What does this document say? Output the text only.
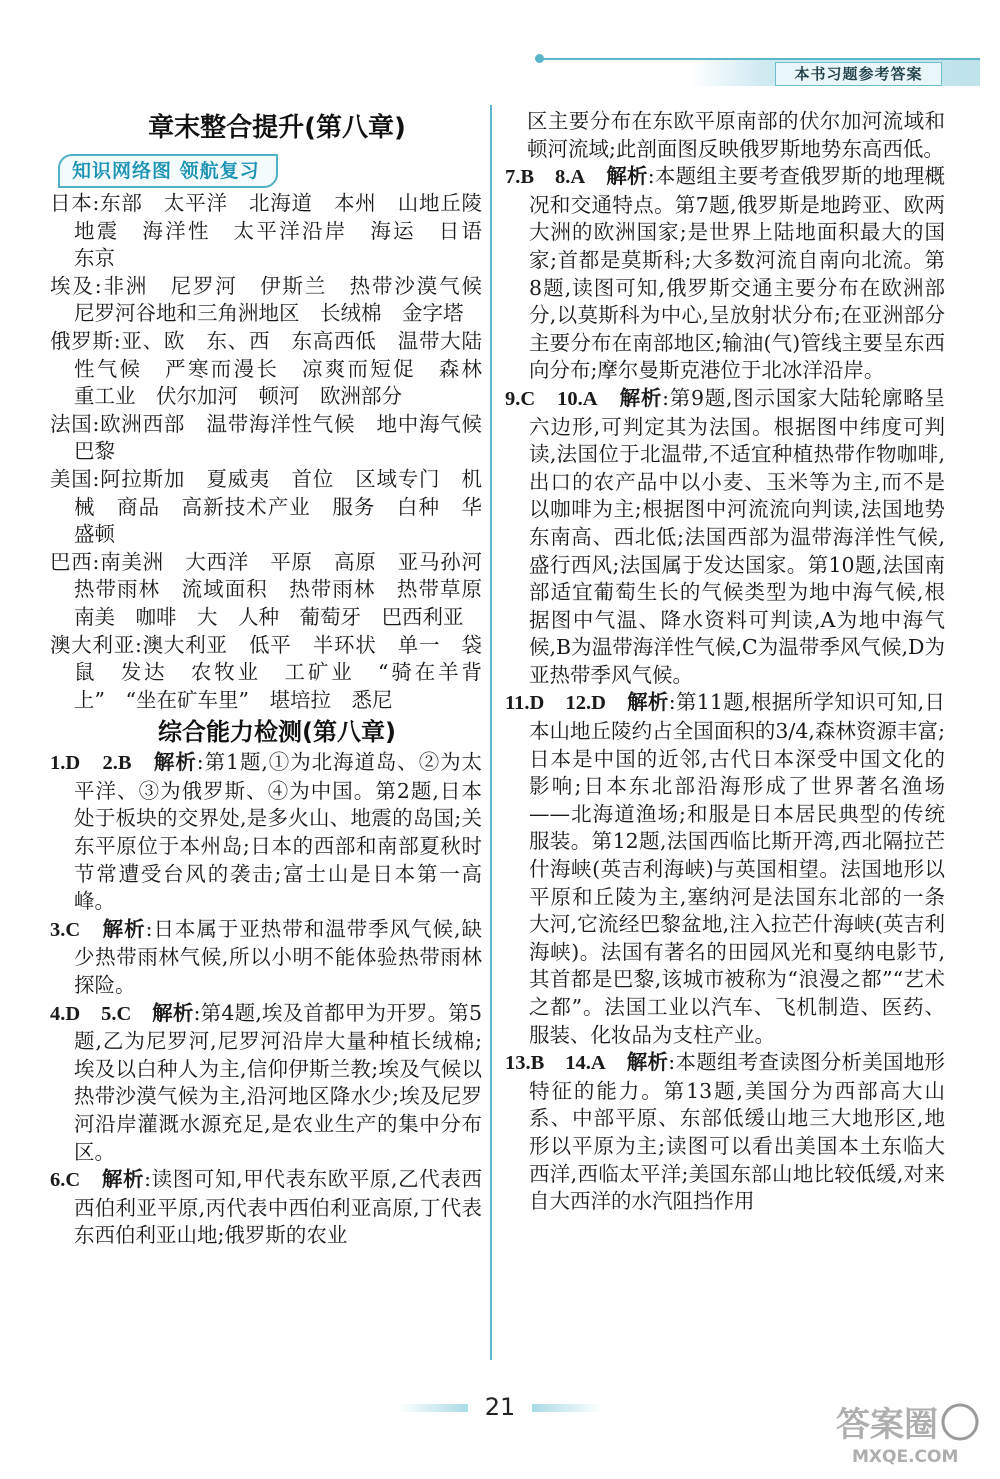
本书习题参考答案
章末整合提升(第八章)
知识网络图 领航复习
日本:东部　太平洋　北海道　本州　山地丘陵　地震　海洋性　太平洋沿岸　海运　日语　东京
埃及:非洲　尼罗河　伊斯兰　热带沙漠气候　尼罗河谷地和三角洲地区　长绒棉　金字塔
俄罗斯:亚、欧　东、西　东高西低　温带大陆性气候　严寒而漫长　凉爽而短促　森林　重工业　伏尔加河　顿河　欧洲部分
法国:欧洲西部　温带海洋性气候　地中海气候　巴黎
美国:阿拉斯加　夏威夷　首位　区域专门　机械　商品　高新技术产业　服务　白种　华盛顿
巴西:南美洲　大西洋　平原　高原　亚马孙河　热带雨林　流域面积　热带雨林　热带草原　南美　咖啡　大　人种　葡萄牙　巴西利亚
澳大利亚:澳大利亚　低平　半环状　单一　袋鼠　发达　农牧业　工矿业　“骑在羊背上”　“坐在矿车里”　堪培拉　悉尼
综合能力检测(第八章)
1.D　2.B　 解析:第1题,①为北海道岛、②为太平洋、③为俄罗斯、④为中国。第2题,日本处于板块的交界处,是多火山、地震的岛国;关东平原位于本州岛;日本的西部和南部夏秋时节常遭受台风的袭击;富士山是日本第一高峰。
3.C　 解析:日本属于亚热带和温带季风气候,缺少热带雨林气候,所以小明不能体验热带雨林探险。
4.D　5.C　 解析:第4题,埃及首都甲为开罗。第5题,乙为尼罗河,尼罗河沿岸大量种植长绒棉;埃及以白种人为主,信仰伊斯兰教;埃及气候以热带沙漠气候为主,沿河地区降水少;埃及尼罗河沿岸灌溉水源充足,是农业生产的集中分布区。
6.C　 解析:读图可知,甲代表东欧平原,乙代表西西伯利亚平原,丙代表中西伯利亚高原,丁代表东西伯利亚山地;俄罗斯的农业
区主要分布在东欧平原南部的伏尔加河流域和顿河流域;此剖面图反映俄罗斯地势东高西低。
7.B　8.A　 解析:本题组主要考查俄罗斯的地理概况和交通特点。第7题,俄罗斯是地跨亚、欧两大洲的欧洲国家;是世界上陆地面积最大的国家;首都是莫斯科;大多数河流自南向北流。第8题,读图可知,俄罗斯交通主要分布在欧洲部分,以莫斯科为中心,呈放射状分布;在亚洲部分主要分布在南部地区;输油(气)管线主要呈东西向分布;摩尔曼斯克港位于北冰洋沿岸。
9.C　10.A　 解析:第9题,图示国家大陆轮廓略呈六边形,可判定其为法国。根据图中纬度可判读,法国位于北温带,不适宜种植热带作物咖啡,出口的农产品中以小麦、玉米等为主,而不是以咖啡为主;根据图中河流流向判读,法国地势东南高、西北低;法国西部为温带海洋性气候,盛行西风;法国属于发达国家。第10题,法国南部适宜葡萄生长的气候类型为地中海气候,根据图中气温、降水资料可判读,A为地中海气候,B为温带海洋性气候,C为温带季风气候,D为亚热带季风气候。
11.D　12.D　 解析:第11题,根据所学知识可知,日本山地丘陵约占全国面积的3/4,森林资源丰富;日本是中国的近邻,古代日本深受中国文化的影响;日本东北部沿海形成了世界著名渔场——北海道渔场;和服是日本居民典型的传统服装。第12题,法国西临比斯开湾,西北隔拉芒什海峡(英吉利海峡)与英国相望。法国地形以平原和丘陵为主,塞纳河是法国东北部的一条大河,它流经巴黎盆地,注入拉芒什海峡(英吉利海峡)。法国有著名的田园风光和戛纳电影节,其首都是巴黎,该城市被称为“浪漫之都”“艺术之都”。法国工业以汽车、飞机制造、医药、服装、化妆品为支柱产业。
13.B　14.A　 解析:本题组考查读图分析美国地形特征的能力。第13题,美国分为西部高大山系、中部平原、东部低缓山地三大地形区,地形以平原为主;读图可以看出美国本土东临大西洋,西临太平洋;美国东部山地比较低缓,对来自大西洋的水汽阻挡作用
21	答案圈
MXQE.COM
